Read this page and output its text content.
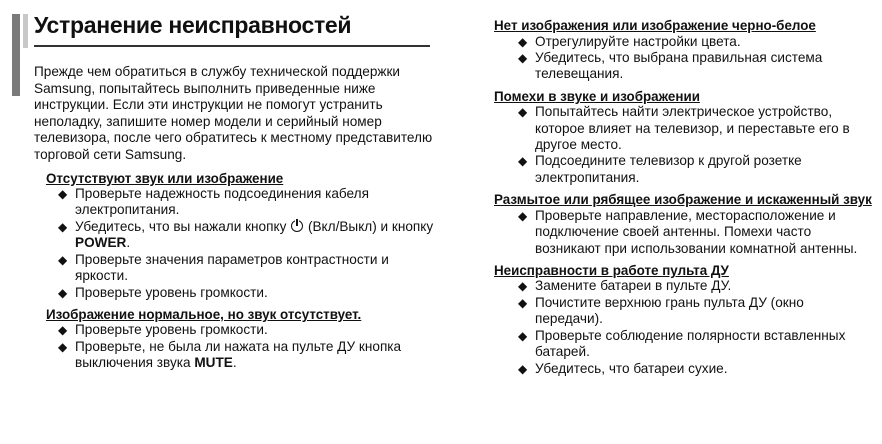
Устранение неисправностей

Прежде чем обратиться в службу технической поддержки Samsung, попытайтесь выполнить приведенные ниже инструкции. Если эти инструкции не помогут устранить неполадку, запишите номер модели и серийный номер телевизора, после чего обратитесь к местному представителю торговой сети Samsung.

Отсутствуют звук или изображение

◆ Проверьте надежность подсоединения кабеля электропитания.
◆ Убедитесь, что вы нажали кнопку  (Вкл/Выкл) и кнопку POWER.
◆ Проверьте значения параметров контрастности и яркости.
◆ Проверьте уровень громкости.

Изображение нормальное, но звук отсутствует.

◆ Проверьте уровень громкости.
◆ Проверьте, не была ли нажата на пульте ДУ кнопка выключения звука MUTE.

Нет изображения или изображение черно-белое

◆ Отрегулируйте настройки цвета.
◆ Убедитесь, что выбрана правильная система телевещания.

Помехи в звуке и изображении

◆ Попытайтесь найти электрическое устройство, которое влияет на телевизор, и переставьте его в другое место.
◆ Подсоедините телевизор к другой розетке электропитания.

Размытое или рябящее изображение и искаженный звук

◆ Проверьте направление, месторасположение и подключение своей антенны. Помехи часто возникают при использовании комнатной антенны.

Неисправности в работе пульта ДУ

◆ Замените батареи в пульте ДУ.
◆ Почистите верхнюю грань пульта ДУ (окно передачи).
◆ Проверьте соблюдение полярности вставленных батарей.
◆ Убедитесь, что батареи сухие.
